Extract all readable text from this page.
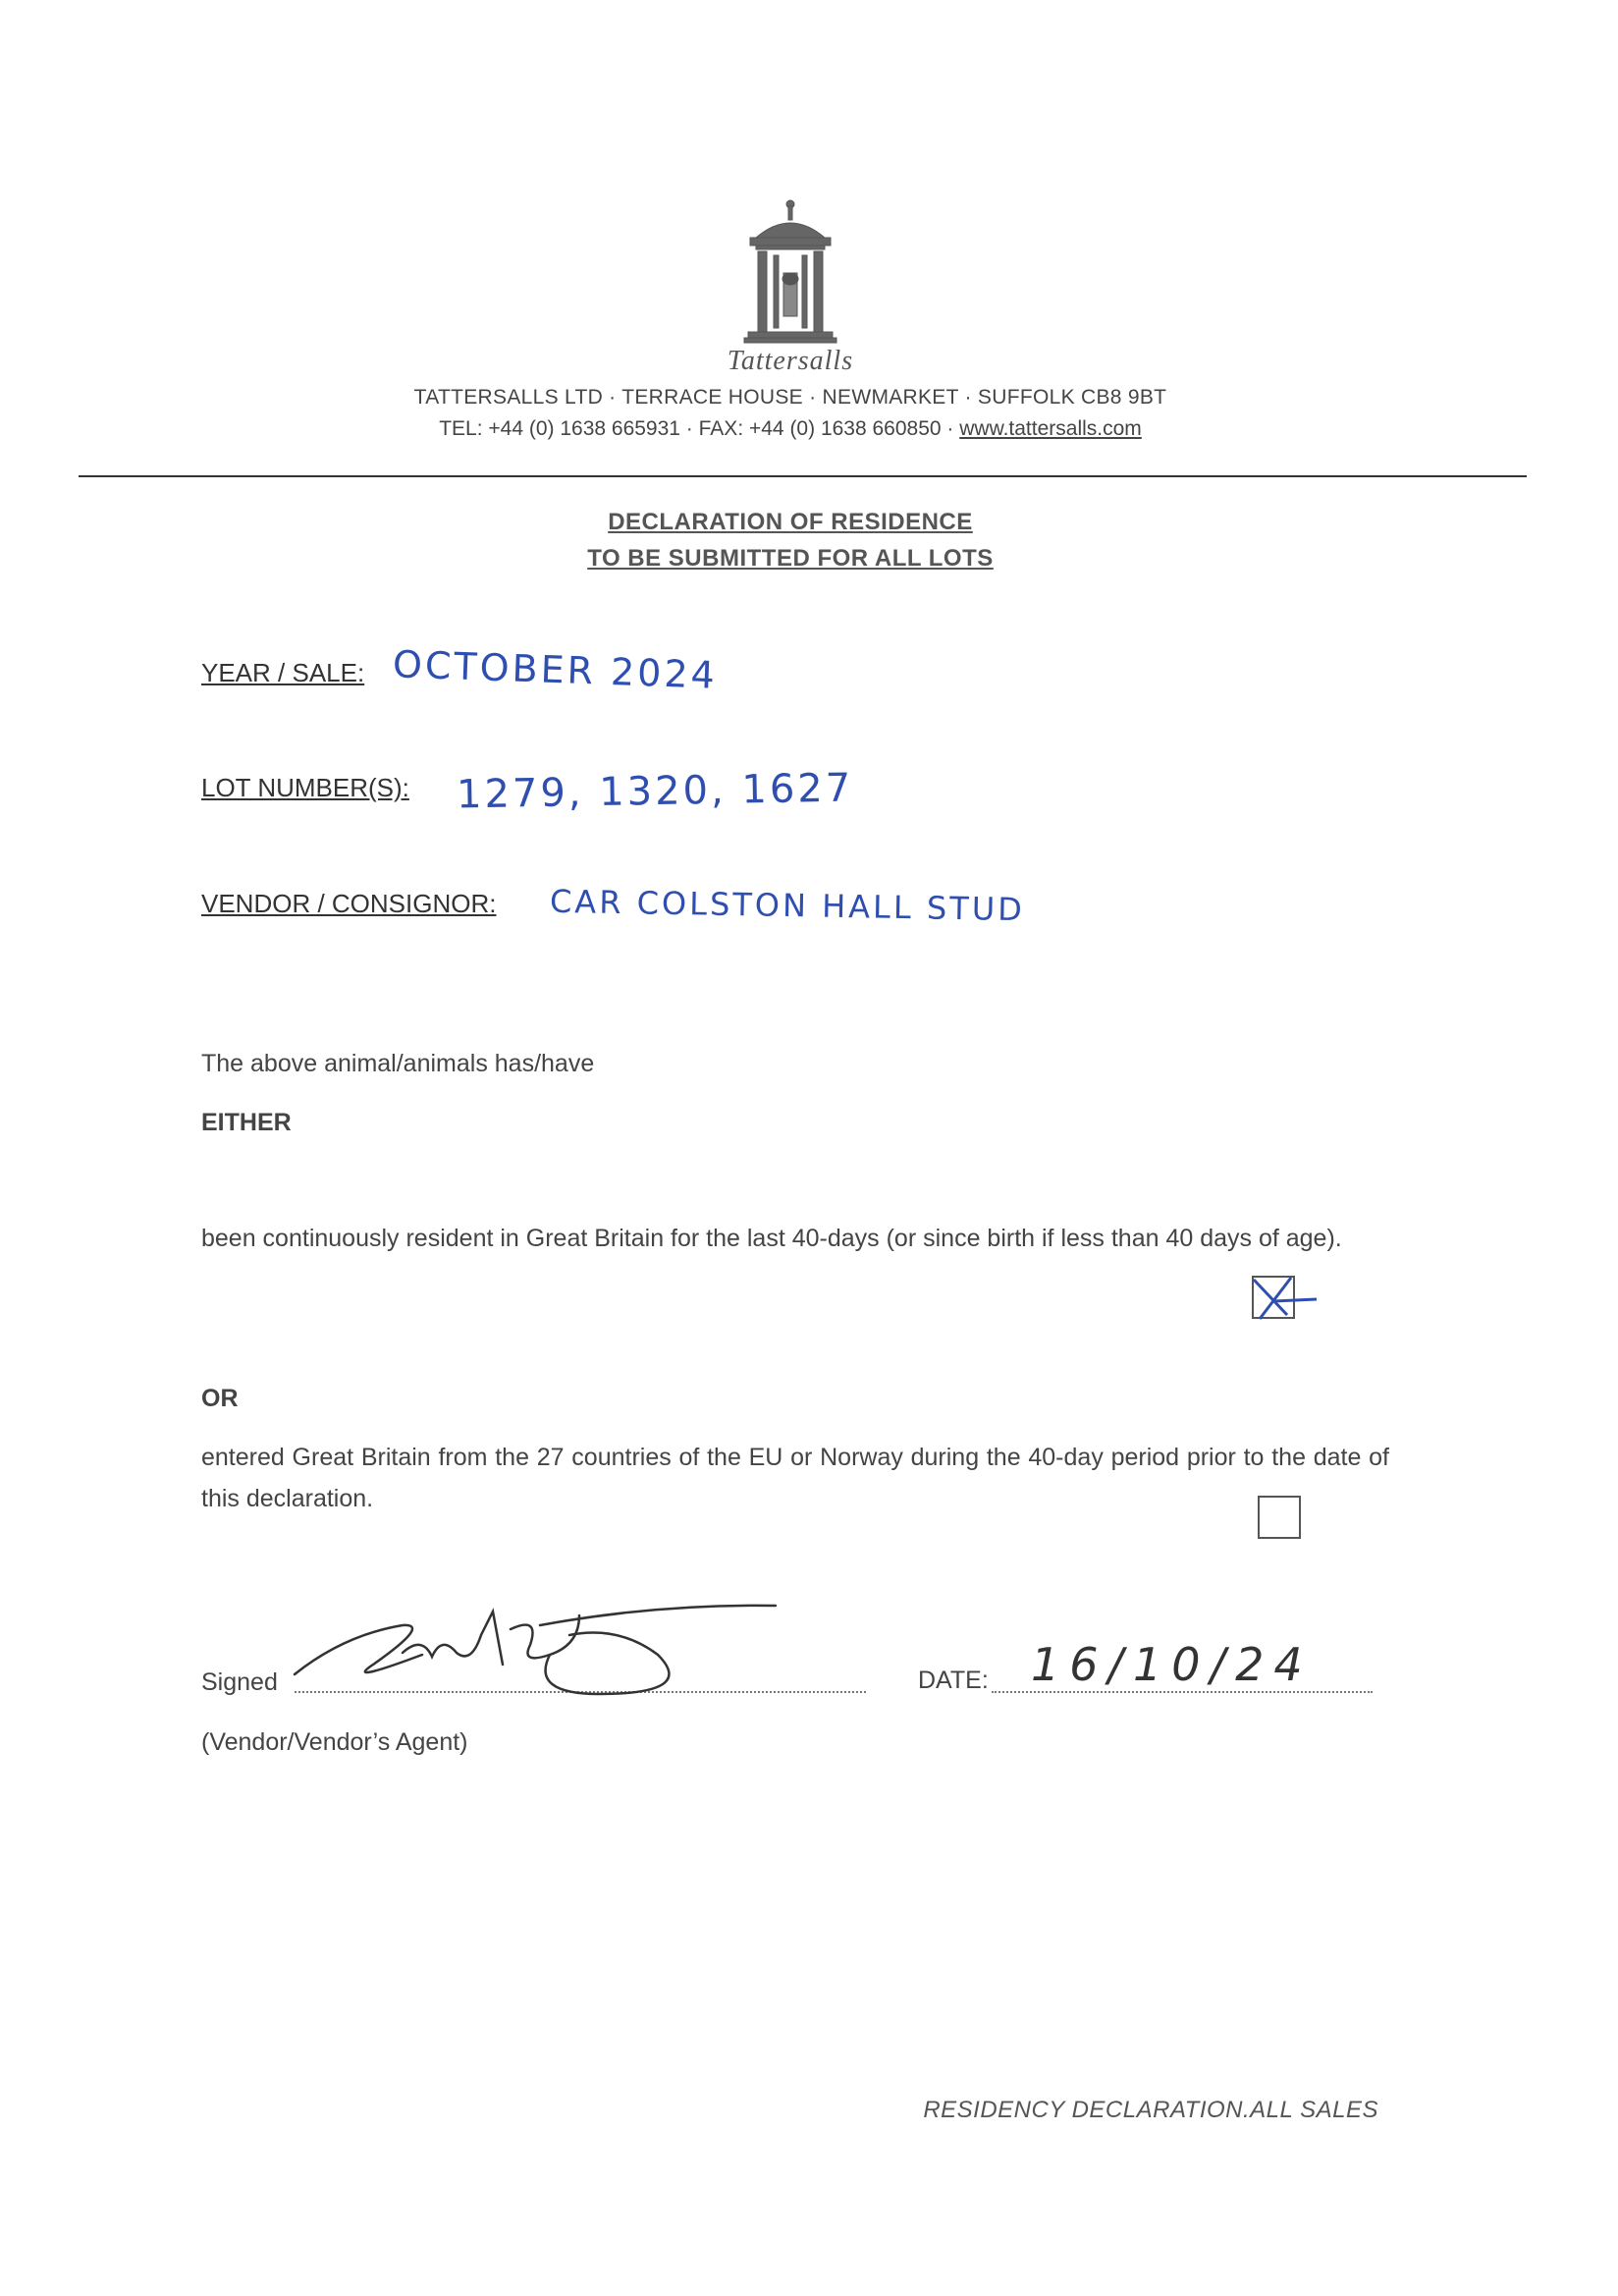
Tattersalls
TATTERSALLS LTD · TERRACE HOUSE · NEWMARKET · SUFFOLK CB8 9BT
TEL: +44 (0) 1638 665931 · FAX: +44 (0) 1638 660850 · www.tattersalls.com
DECLARATION OF RESIDENCE
TO BE SUBMITTED FOR ALL LOTS
YEAR / SALE: OCTOBER 2024
LOT NUMBER(S): 1279, 1320, 1627
VENDOR / CONSIGNOR: CAR COLSTON HALL STUD
The above animal/animals has/have
EITHER
been continuously resident in Great Britain for the last 40-days (or since birth if less than 40 days of age).
OR
entered Great Britain from the 27 countries of the EU or Norway during the 40-day period prior to the date of this declaration.
Signed
(Vendor/Vendor’s Agent)
DATE: 16/10/24
RESIDENCY DECLARATION.ALL SALES
